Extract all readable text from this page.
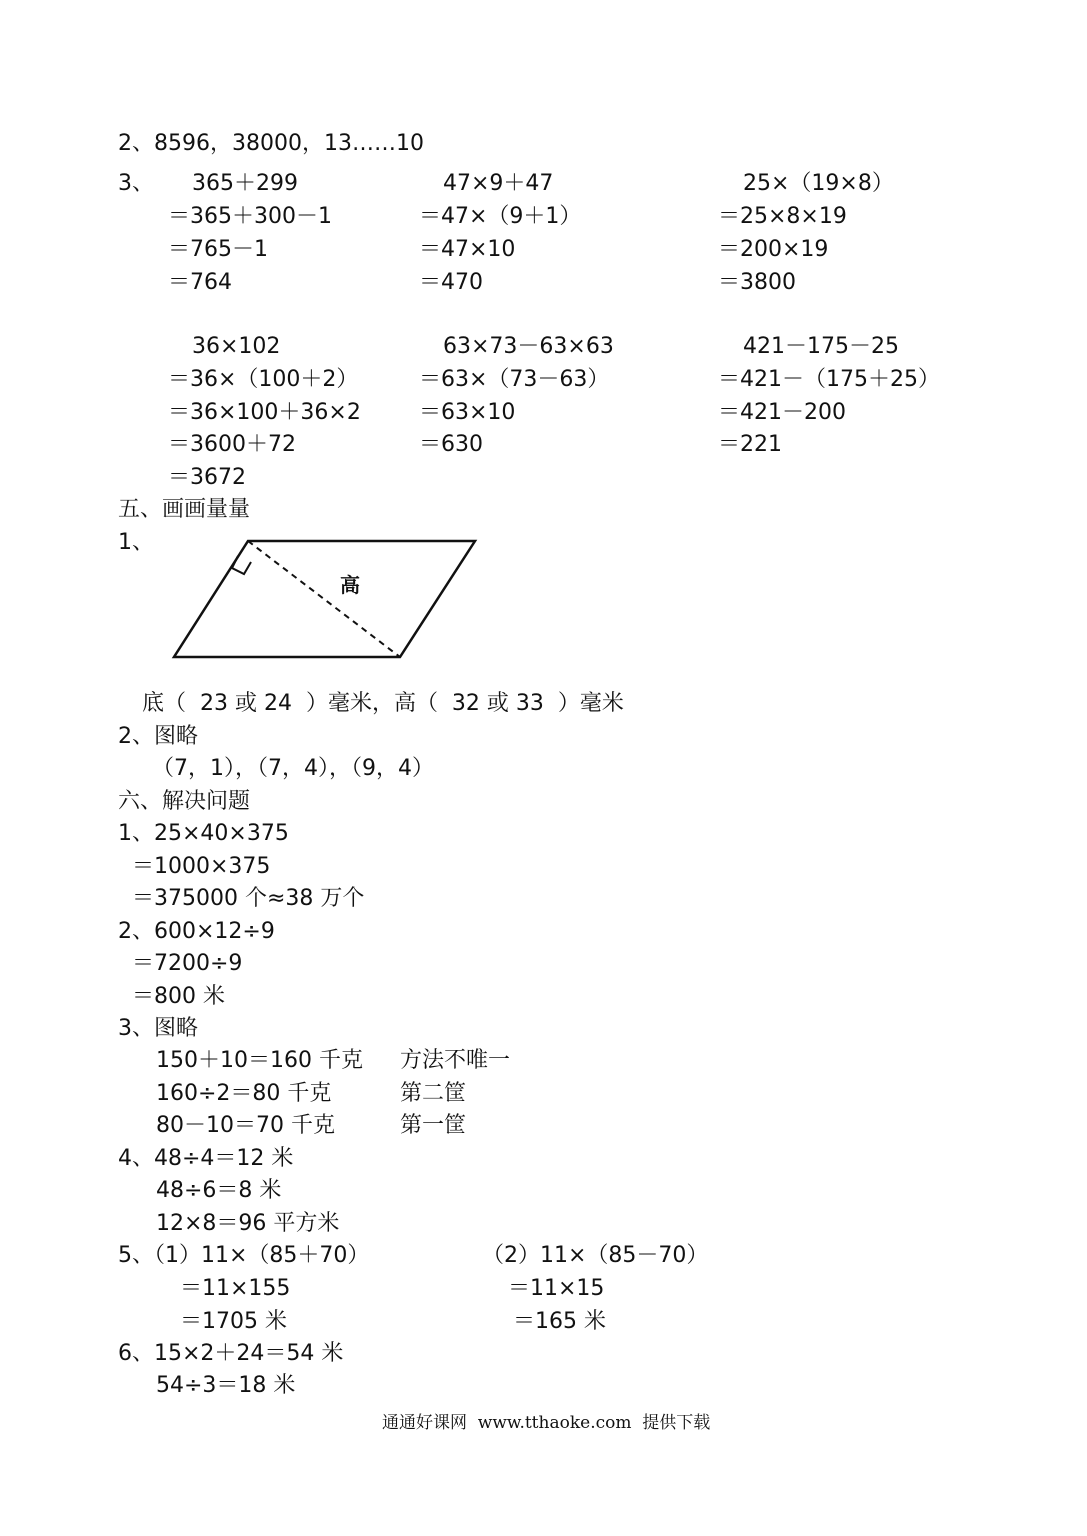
2、8596，38000，13……10
3、 365＋299
＝365＋300－1
＝765－1
＝764
47×9＋47
＝47×（9＋1）
＝47×10
＝470
25×（19×8）
＝25×8×19
＝200×19
＝3800
36×102
＝36×（100＋2）
＝36×100＋36×2
＝3600＋72
＝3672
63×73－63×63
＝63×（73－63）
＝63×10
＝630
421－175－25
＝421－（175＋25）
＝421－200
＝221
五、画画量量
1、
高
底（  23 或 24  ）毫米，高（  32 或 33  ）毫米
2、图略
（7，1），（7，4），（9，4）
六、解决问题
1、25×40×375
＝1000×375
＝375000 个≈38 万个
2、600×12÷9
＝7200÷9
＝800 米
3、图略
150＋10＝160 千克 方法不唯一
160÷2＝80 千克	第二筐
80－10＝70 千克	第一筐
4、48÷4＝12 米
48÷6＝8 米
12×8＝96 平方米
5、（1）11×（85＋70）	（2）11×（85－70）
＝11×155	＝11×15
＝1705 米	＝165 米
6、15×2＋24＝54 米
54÷3＝18 米
通通好课网  www.tthaoke.com  提供下载
